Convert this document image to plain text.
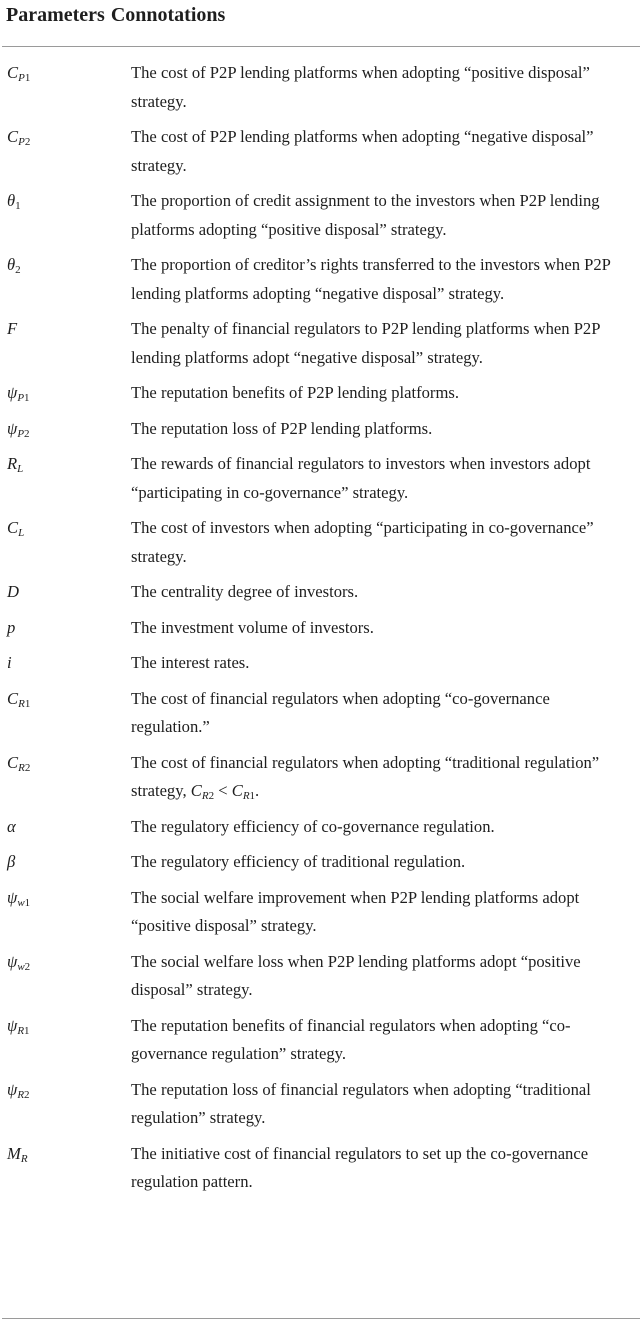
Parameters Connotations
$C_{P1}$	The cost of P2P lending platforms when adopting “positive disposal” strategy.
$C_{P2}$	The cost of P2P lending platforms when adopting “negative disposal” strategy.
$\theta_1$	The proportion of credit assignment to the investors when P2P lending platforms adopting “positive disposal” strategy.
$\theta_2$	The proportion of creditor’s rights transferred to the investors when P2P lending platforms adopting “negative disposal” strategy.
F	The penalty of financial regulators to P2P lending platforms when P2P lending platforms adopt “negative disposal” strategy.
$\psi_{P1}$	The reputation benefits of P2P lending platforms.
$\psi_{P2}$	The reputation loss of P2P lending platforms.
$R_L$	The rewards of financial regulators to investors when investors adopt “participating in co-governance” strategy.
$C_L$	The cost of investors when adopting “participating in co-governance” strategy.
D	The centrality degree of investors.
p	The investment volume of investors.
i	The interest rates.
$C_{R1}$	The cost of financial regulators when adopting “co-governance regulation.”
$C_{R2}$	The cost of financial regulators when adopting “traditional regulation” strategy, $C_{R2} < C_{R1}$.
α	The regulatory efficiency of co-governance regulation.
β	The regulatory efficiency of traditional regulation.
$\psi_{w1}$	The social welfare improvement when P2P lending platforms adopt “positive disposal” strategy.
$\psi_{w2}$	The social welfare loss when P2P lending platforms adopt “positive disposal” strategy.
$\psi_{R1}$	The reputation benefits of financial regulators when adopting “co-governance regulation” strategy.
$\psi_{R2}$	The reputation loss of financial regulators when adopting “traditional regulation” strategy.
$M_R$	The initiative cost of financial regulators to set up the co-governance regulation pattern.
